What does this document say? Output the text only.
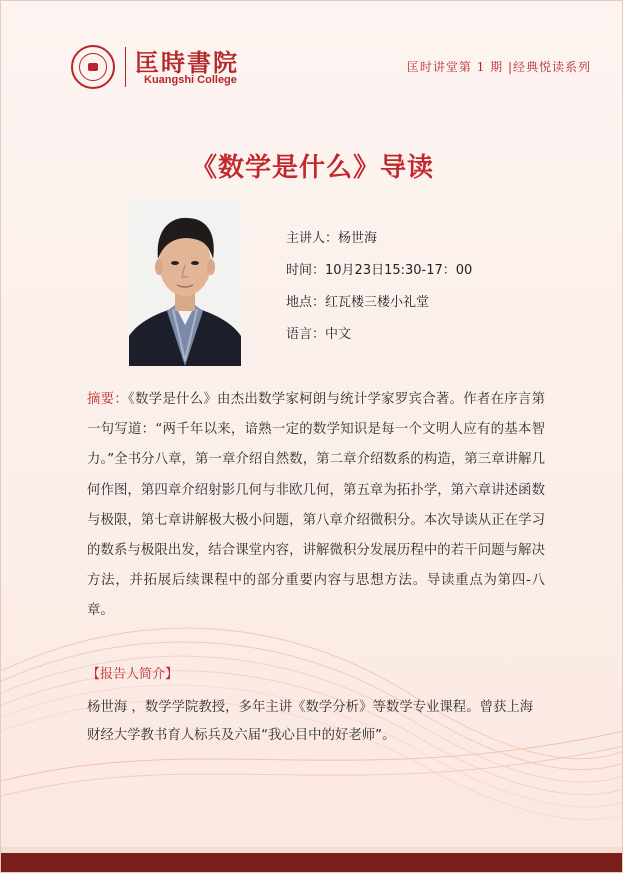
匡時書院
Kuangshi College
匡时讲堂第 1 期 |经典悦读系列
《数学是什么》导读
主讲人：杨世海
时间：10月23日15:30-17：00
地点：红瓦楼三楼小礼堂
语言：中文
摘要：《数学是什么》由杰出数学家柯朗与统计学家罗宾合著。作者在序言第一句写道：“两千年以来，谙熟一定的数学知识是每一个文明人应有的基本智力。”全书分八章，第一章介绍自然数，第二章介绍数系的构造，第三章讲解几何作图，第四章介绍射影几何与非欧几何，第五章为拓扑学，第六章讲述函数与极限，第七章讲解极大极小问题，第八章介绍微积分。本次导读从正在学习的数系与极限出发，结合课堂内容，讲解微积分发展历程中的若干问题与解决方法，并拓展后续课程中的部分重要内容与思想方法。导读重点为第四-八章。
【报告人简介】
杨世海 ，数学学院教授，多年主讲《数学分析》等数学专业课程。曾获上海财经大学教书育人标兵及六届“我心目中的好老师”。
